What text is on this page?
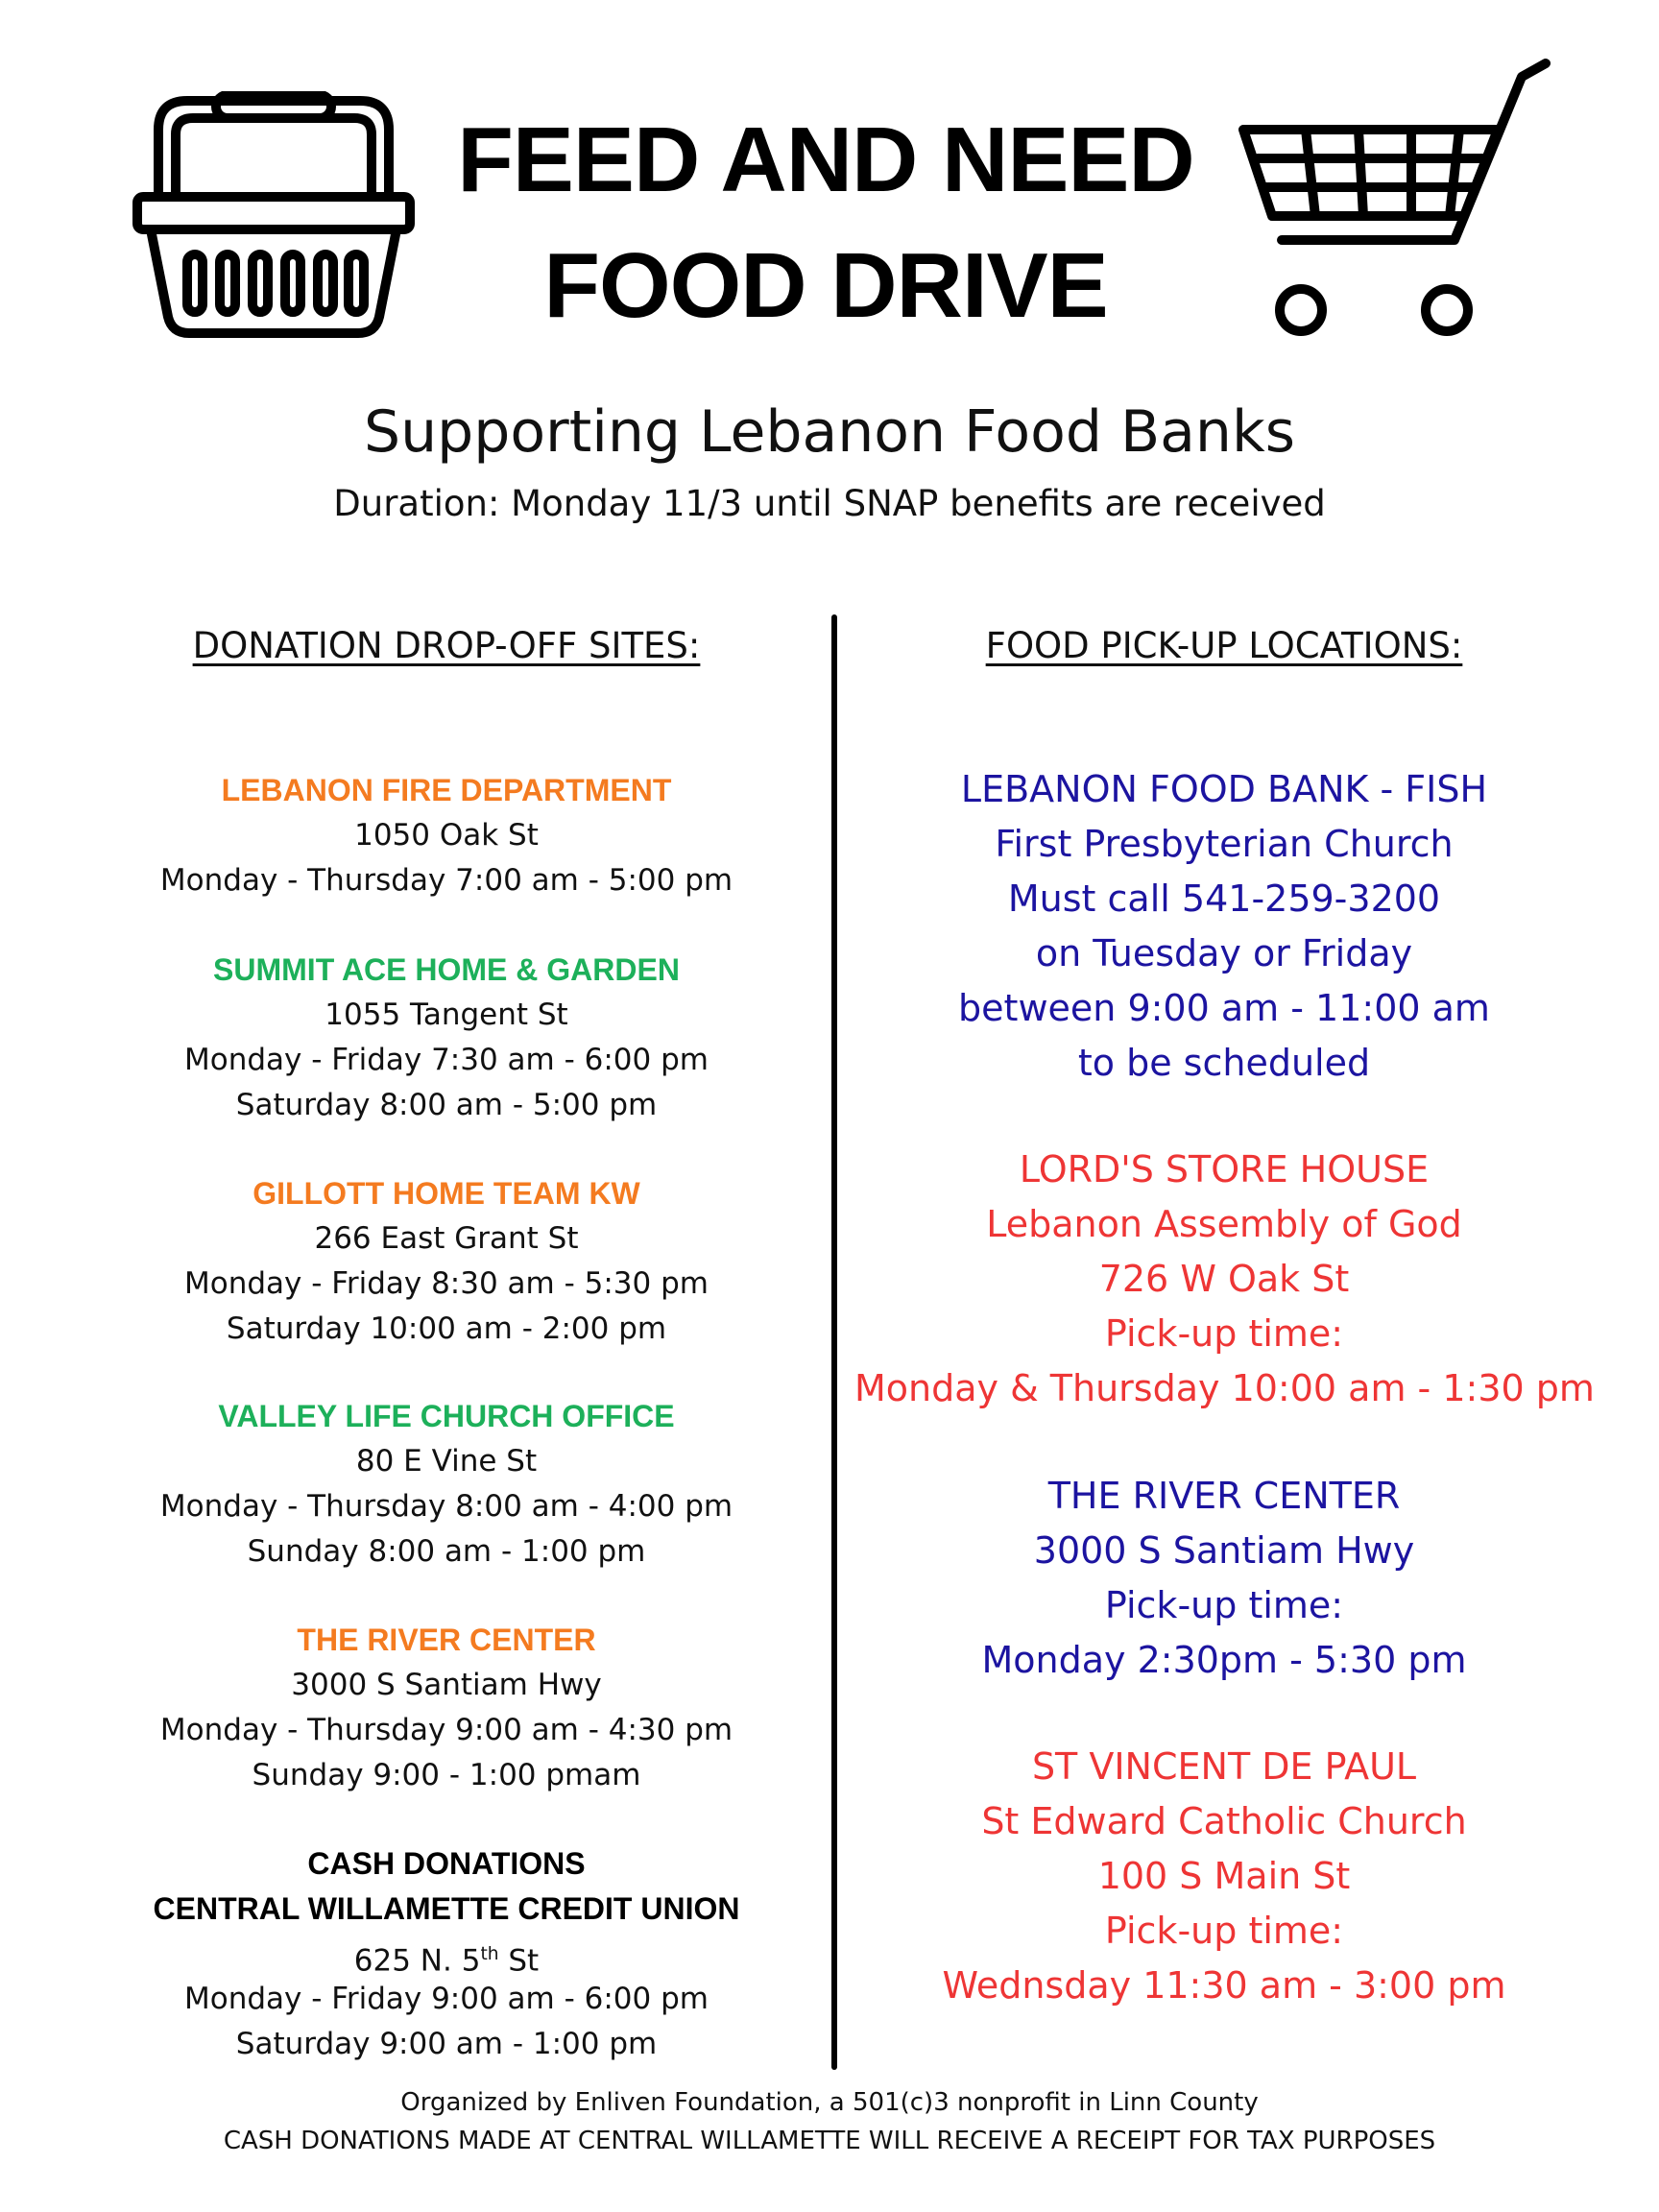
FEED AND NEED
FOOD DRIVE
Supporting Lebanon Food Banks
Duration: Monday 11/3 until SNAP benefits are received
DONATION DROP-OFF SITES:	FOOD PICK-UP LOCATIONS:
LEBANON FIRE DEPARTMENT
1050 Oak St
Monday - Thursday 7:00 am - 5:00 pm
SUMMIT ACE HOME & GARDEN
1055 Tangent St
Monday - Friday 7:30 am - 6:00 pm
Saturday 8:00 am - 5:00 pm
GILLOTT HOME TEAM KW
266 East Grant St
Monday - Friday 8:30 am - 5:30 pm
Saturday 10:00 am - 2:00 pm
VALLEY LIFE CHURCH OFFICE
80 E Vine St
Monday - Thursday 8:00 am - 4:00 pm
Sunday 8:00 am - 1:00 pm
THE RIVER CENTER
3000 S Santiam Hwy
Monday - Thursday 9:00 am - 4:30 pm
Sunday 9:00 - 1:00 pmam
CASH DONATIONS
CENTRAL WILLAMETTE CREDIT UNION
625 N. 5th St
Monday - Friday 9:00 am - 6:00 pm
Saturday 9:00 am - 1:00 pm
LEBANON FOOD BANK - FISH
First Presbyterian Church
Must call 541-259-3200
on Tuesday or Friday
between 9:00 am - 11:00 am
to be scheduled
LORD'S STORE HOUSE
Lebanon Assembly of God
726 W Oak St
Pick-up time:
Monday & Thursday 10:00 am - 1:30 pm
THE RIVER CENTER
3000 S Santiam Hwy
Pick-up time:
Monday 2:30pm - 5:30 pm
ST VINCENT DE PAUL
St Edward Catholic Church
100 S Main St
Pick-up time:
Wednsday 11:30 am - 3:00 pm
Organized by Enliven Foundation, a 501(c)3 nonprofit in Linn County
CASH DONATIONS MADE AT CENTRAL WILLAMETTE WILL RECEIVE A RECEIPT FOR TAX PURPOSES
